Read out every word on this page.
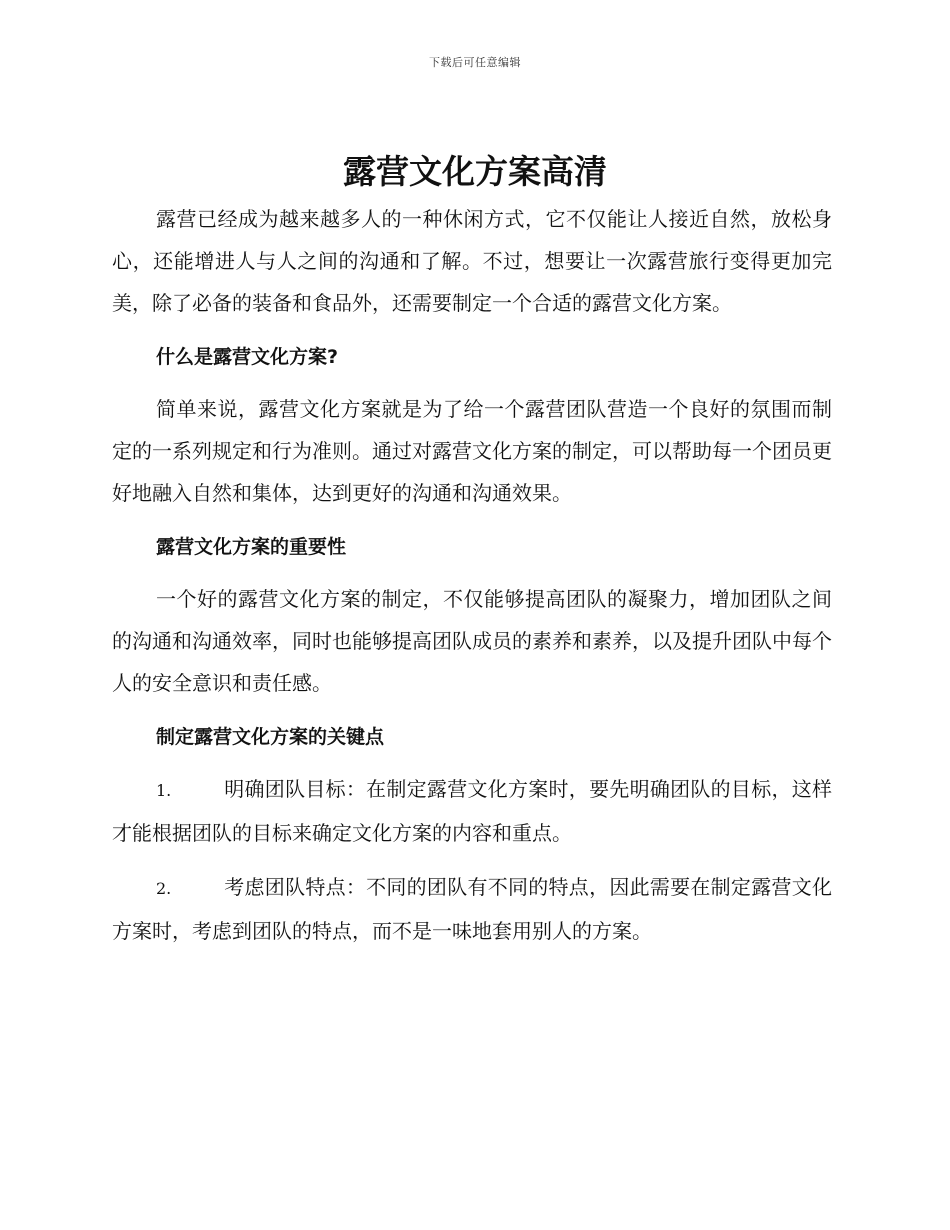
下载后可任意编辑
露营文化方案高清

露营已经成为越来越多人的一种休闲方式，它不仅能让人接近自然，放松身心，还能增进人与人之间的沟通和了解。不过，想要让一次露营旅行变得更加完美，除了必备的装备和食品外，还需要制定一个合适的露营文化方案。

什么是露营文化方案?

简单来说，露营文化方案就是为了给一个露营团队营造一个良好的氛围而制定的一系列规定和行为准则。通过对露营文化方案的制定，可以帮助每一个团员更好地融入自然和集体，达到更好的沟通和沟通效果。

露营文化方案的重要性

一个好的露营文化方案的制定，不仅能够提高团队的凝聚力，增加团队之间的沟通和沟通效率，同时也能够提高团队成员的素养和素养，以及提升团队中每个人的安全意识和责任感。

制定露营文化方案的关键点

1.	明确团队目标：在制定露营文化方案时，要先明确团队的目标，这样才能根据团队的目标来确定文化方案的内容和重点。

2.	考虑团队特点：不同的团队有不同的特点，因此需要在制定露营文化方案时，考虑到团队的特点，而不是一味地套用别人的方案。
